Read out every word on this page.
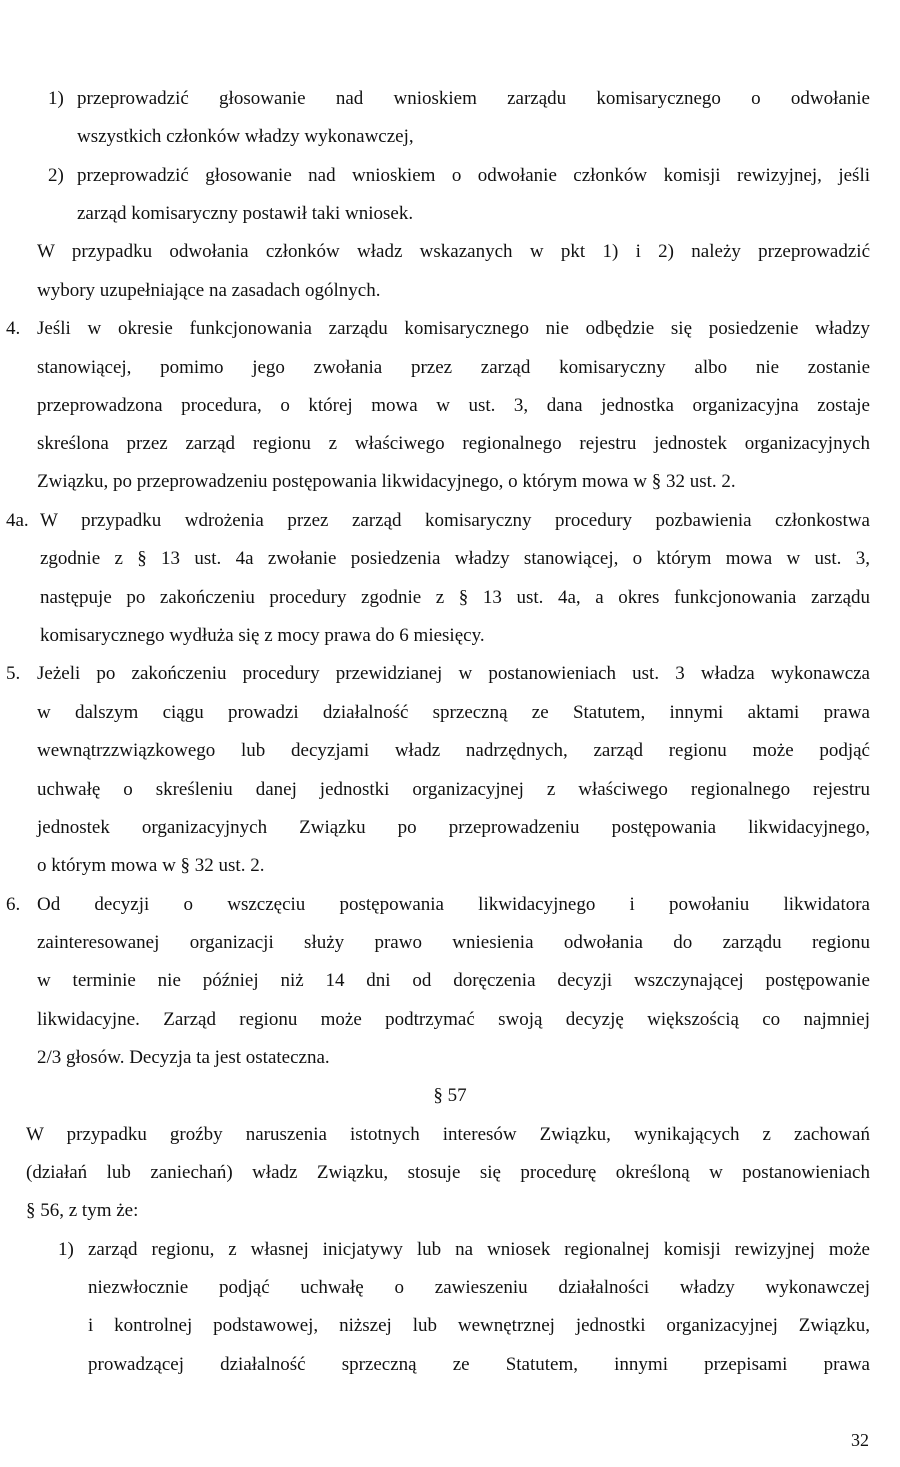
1) przeprowadzić głosowanie nad wnioskiem zarządu komisarycznego o odwołanie
wszystkich członków władzy wykonawczej,
2) przeprowadzić głosowanie nad wnioskiem o odwołanie członków komisji rewizyjnej, jeśli
zarząd komisaryczny postawił taki wniosek.
W przypadku odwołania członków władz wskazanych w pkt 1) i 2) należy przeprowadzić
wybory uzupełniające na zasadach ogólnych.
4. Jeśli w okresie funkcjonowania zarządu komisarycznego nie odbędzie się posiedzenie władzy
stanowiącej, pomimo jego zwołania przez zarząd komisaryczny albo nie zostanie
przeprowadzona procedura, o której mowa w ust. 3, dana jednostka organizacyjna zostaje
skreślona przez zarząd regionu z właściwego regionalnego rejestru jednostek organizacyjnych
Związku, po przeprowadzeniu postępowania likwidacyjnego, o którym mowa w § 32 ust. 2.
4a. W przypadku wdrożenia przez zarząd komisaryczny procedury pozbawienia członkostwa
zgodnie z § 13 ust. 4a zwołanie posiedzenia władzy stanowiącej, o którym mowa w ust. 3,
następuje po zakończeniu procedury zgodnie z § 13 ust. 4a, a okres funkcjonowania zarządu
komisarycznego wydłuża się z mocy prawa do 6 miesięcy.
5. Jeżeli po zakończeniu procedury przewidzianej w postanowieniach ust. 3 władza wykonawcza
w dalszym ciągu prowadzi działalność sprzeczną ze Statutem, innymi aktami prawa
wewnątrzzwiązkowego lub decyzjami władz nadrzędnych, zarząd regionu może podjąć
uchwałę o skreśleniu danej jednostki organizacyjnej z właściwego regionalnego rejestru
jednostek organizacyjnych Związku po przeprowadzeniu postępowania likwidacyjnego,
o którym mowa w § 32 ust. 2.
6. Od decyzji o wszczęciu postępowania likwidacyjnego i powołaniu likwidatora
zainteresowanej organizacji służy prawo wniesienia odwołania do zarządu regionu
w terminie nie później niż 14 dni od doręczenia decyzji wszczynającej postępowanie
likwidacyjne. Zarząd regionu może podtrzymać swoją decyzję większością co najmniej
2/3 głosów. Decyzja ta jest ostateczna.
§ 57
W przypadku groźby naruszenia istotnych interesów Związku, wynikających z zachowań
(działań lub zaniechań) władz Związku, stosuje się procedurę określoną w postanowieniach
§ 56, z tym że:
1) zarząd regionu, z własnej inicjatywy lub na wniosek regionalnej komisji rewizyjnej może
niezwłocznie podjąć uchwałę o zawieszeniu działalności władzy wykonawczej
i kontrolnej podstawowej, niższej lub wewnętrznej jednostki organizacyjnej Związku,
prowadzącej działalność sprzeczną ze Statutem, innymi przepisami prawa
32
